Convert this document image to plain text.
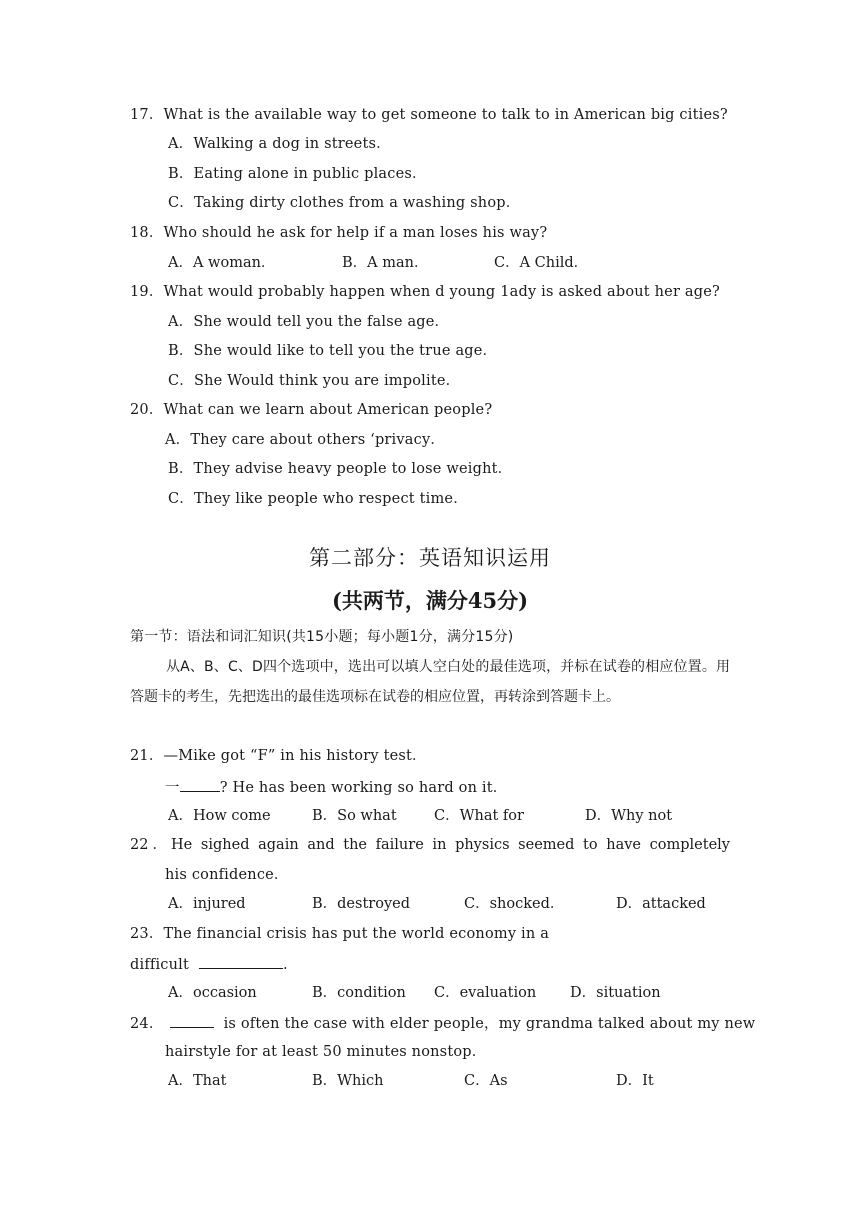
17．What is the available way to get someone to talk to in American big cities?
A．Walking a dog in streets．
B．Eating alone in public places．
C．Taking dirty clothes from a washing shop．
18．Who should he ask for help if a man loses his way?
A．A woman．	B．A man．	C．A Child．
19．What would probably happen when d young 1ady is asked about her age?
A．She would tell you the false age．
B．She would like to tell you the true age．
C．She Would think you are impolite．
20．What can we learn about American people?
A．They care about others ‘privacy．
B．They advise heavy people to lose weight．
C．They like people who respect time．
第二部分：英语知识运用
(共两节，满分45分)
第一节：语法和词汇知识(共15小题；每小题1分，满分15分)
从A、B、C、D四个选项中，选出可以填人空白处的最佳选项，并标在试卷的相应位置。用答题卡的考生，先把选出的最佳选项标在试卷的相应位置，再转涂到答题卡上。
21．—Mike got “F” in his history test．
一	? He has been working so hard on it．
A．How come	B．So what	C．What for	D．Why not
22．He sighed again and the failure in physics seemed to have completely
his confidence．
A．injured	B．destroyed	C．shocked．	D．attacked
23．The financial crisis has put the world economy in a
difficult	.
A．occasion	B．condition C．evaluation D．situation
24．	is often the case with elder people，my grandma talked about my new
hairstyle for at least 50 minutes nonstop．
A．That	B．Which	C．As	D．It
